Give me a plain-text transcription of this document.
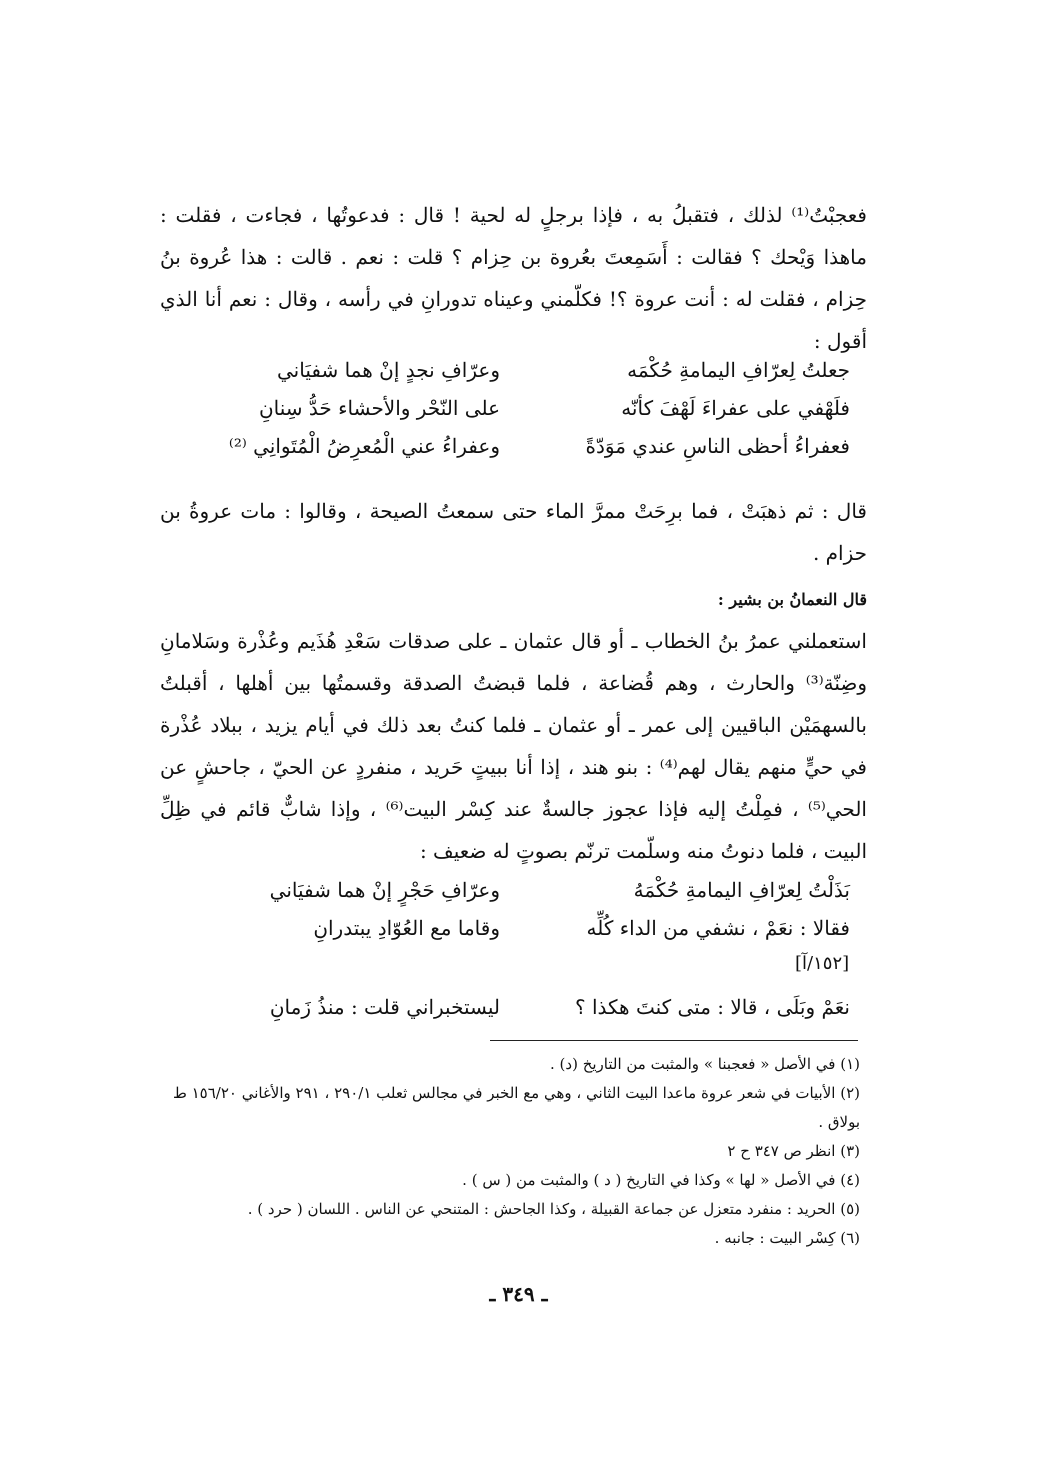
فعجبْتُ⁽¹⁾ لذلك ، فتقبلُ به ، فإذا برجلٍ له لحية ! قال : فدعوتُها ، فجاءت ، فقلت : ماهذا وَيْحك ؟ فقالت : أَسَمِعتَ بعُروة بن حِزام ؟ قلت : نعم . قالت : هذا عُروة بنُ حِزام ، فقلت له : أنت عروة ؟! فكلّمني وعيناه تدورانِ في رأسه ، وقال : نعم أنا الذي أقول :

جعلتُ لِعرّافِ اليمامةِ حُكْمَه
وعرّافِ نجدٍ إنْ هما شفيَاني
فلَهْفي على عفراءَ لَهْفَ كأنّه
على النّحْر والأحشاء حَدُّ سِنانِ
فعفراءُ أحظى الناسِ عندي مَوَدّةً
وعفراءُ عني الْمُعرِضُ الْمُتَوانِي ⁽²⁾

قال : ثم ذهبَتْ ، فما برِحَتْ ممرَّ الماء حتى سمعتُ الصيحة ، وقالوا : مات عروةُ بن حزام .

قال النعمانُ بن بشير :

استعملني عمرُ بنُ الخطاب ـ أو قال عثمان ـ على صدقات سَعْدِ هُذَيم وعُذْرة وسَلامانِ وضِنّة⁽³⁾ والحارث ، وهم قُضاعة ، فلما قبضتُ الصدقة وقسمتُها بين أهلها ، أقبلتُ بالسهمَيْن الباقيين إلى عمر ـ أو عثمان ـ فلما كنتُ بعد ذلك في أيام يزيد ، ببلاد عُذْرة في حيٍّ منهم يقال لهم⁽⁴⁾ : بنو هند ، إذا أنا ببيتٍ حَريد ، منفردٍ عن الحيّ ، جاحشٍ عن الحي⁽⁵⁾ ، فمِلْتُ إليه فإذا عجوز جالسةٌ عند كِسْر البيت⁽⁶⁾ ، وإذا شابٌّ قائم في ظِلِّ البيت ، فلما دنوتُ منه وسلّمت ترنّم بصوتٍ له ضعيف :

بَذَلْتُ لِعرّافِ اليمامةِ حُكْمَهُ
وعرّافِ حَجْرٍ إنْ هما شفيَاني
فقالا : نعَمْ ، نشفي من الداء كُلِّه
وقاما مع العُوّادِ يبتدرانِ
[١٥٢/آ]
نعَمْ وبَلَى ، قالا : متى كنتَ هكذا ؟
ليستخبراني قلت : منذُ زَمانِ
(١) في الأصل « فعجبنا » والمثبت من التاريخ (د) .
(٢) الأبيات في شعر عروة ماعدا البيت الثاني ، وهي مع الخبر في مجالس ثعلب ٢٩٠/١ ، ٢٩١ والأغاني ١٥٦/٢٠ ط بولاق .
(٣) انظر ص ٣٤٧ ح ٢
(٤) في الأصل « لها » وكذا في التاريخ ( د ) والمثبت من ( س ) .
(٥) الحريد : منفرد متعزل عن جماعة القبيلة ، وكذا الجاحش : المتنحي عن الناس . اللسان ( حرد ) .
(٦) كِسْر البيت : جانبه .
ـ ٣٤٩ ـ
